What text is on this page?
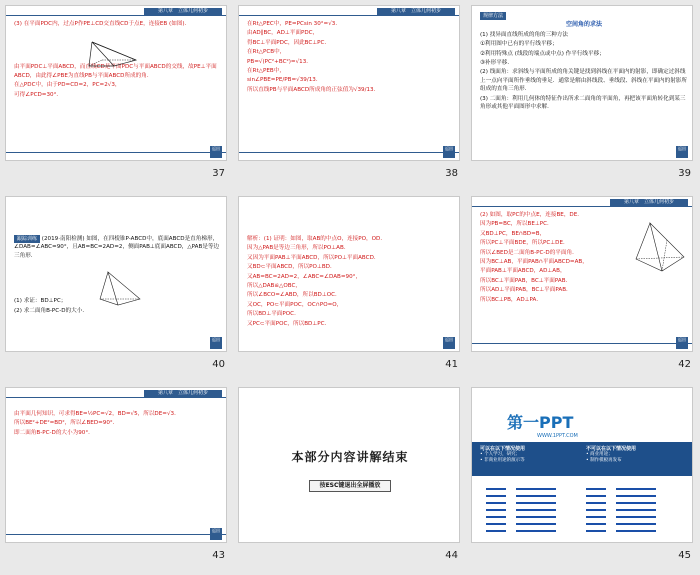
第八章　立体几何初步

(3) 在平面PDC内，过点P作PE⊥CD交直线CD于点E，连接EB (如图)．

由平面PDC⊥平面ABCD，而直线CD是平面PDC与平面ABCD的交线，故PE⊥平面ABCD，由此得∠PBE为直线PB与平面ABCD所成的角．

在△PDC中，由于PD=CD=2，PC=2√3，

可得∠PCD=30°．

返回
37
第八章　立体几何初步

在Rt△PEC中，PE=PCsin 30°=√3．

由AD∥BC，AD⊥平面PDC，

得BC⊥平面PDC，因此BC⊥PC．

在Rt△PCB中，

PB=√(PC²+BC²)=√13．

在Rt△PEB中，

sin∠PBE=PE/PB=√39/13．

所以直线PB与平面ABCD所成角的正弦值为√39/13．

返回
38

规律方法

空间角的求法

(1) 找异面直线所成的角的三种方法

①利用图中已有的平行线平移；

②利用特殊点 (线段的端点或中点) 作平行线平移；

③补形平移．

(2) 线面角：求斜线与平面所成的角关键是找到斜线在平面内的射影，即确定过斜线上一点向平面所作垂线的垂足．通常是解由斜线段、垂线段、斜线在平面内的射影所组成的直角三角形．

(3) 二面角：利用几何体的特征作出所求二面角的平面角，再把该平面角转化到某三角形或其他平面图形中求解．

返回
39

跟踪训练 (2019·南阳检测) 如图，在四棱锥P-ABCD中，底面ABCD是直角梯形，∠DAB=∠ABC=90°，且AB=BC=2AD=2，侧面PAB⊥底面ABCD，△PAB是等边三角形．

(1) 求证：BD⊥PC；

(2) 求二面角B-PC-D的大小．

返回
40

解析：(1) 证明：如图，取AB的中点O，连接PO，OD．

因为△PAB是等边三角形，所以PO⊥AB．

又因为平面PAB⊥平面ABCD，所以PO⊥平面ABCD．

又BD⊂平面ABCD，所以PO⊥BD．

又AB=BC=2AD=2，∠ABC=∠DAB=90°，

所以△DAB≌△OBC，

所以∠BCO=∠ABD，所以BD⊥OC．

又OC，PO⊂平面POC，OC∩PO=O，

所以BD⊥平面POC．

又PC⊂平面POC，所以BD⊥PC．

返回
41
第八章　立体几何初步

(2) 如图，取PC的中点E，连接BE，DE．

因为PB=BC，所以BE⊥PC．

又BD⊥PC，BE∩BD=B，

所以PC⊥平面BDE，所以PC⊥DE．

所以∠BED是二面角B-PC-D的平面角．

因为BC⊥AB，平面PAB∩平面ABCD=AB，

平面PAB⊥平面ABCD，AD⊥AB，

所以BC⊥平面PAB，BC⊥平面PAB．

所以AD⊥平面PAB，BC⊥平面PAB．

所以BC⊥PB，AD⊥PA．

返回
42
第八章　立体几何初步

由平面几何知识，可求得BE=½PC=√2，BD=√5，所以DE=√3．

所以BE²+DE²=BD²，所以∠BED=90°．

即二面角B-PC-D的大小为90°．

返回
43
本部分内容讲解结束
按ESC键退出全屏播放
44
第一PPT
WWW.1PPT.COM
可以在以下情况使用
• 个人学习，研究；
• 非商业用途的演示等
不可以在以下情况使用
• 商业用途；
• 制作模板再发布
45
